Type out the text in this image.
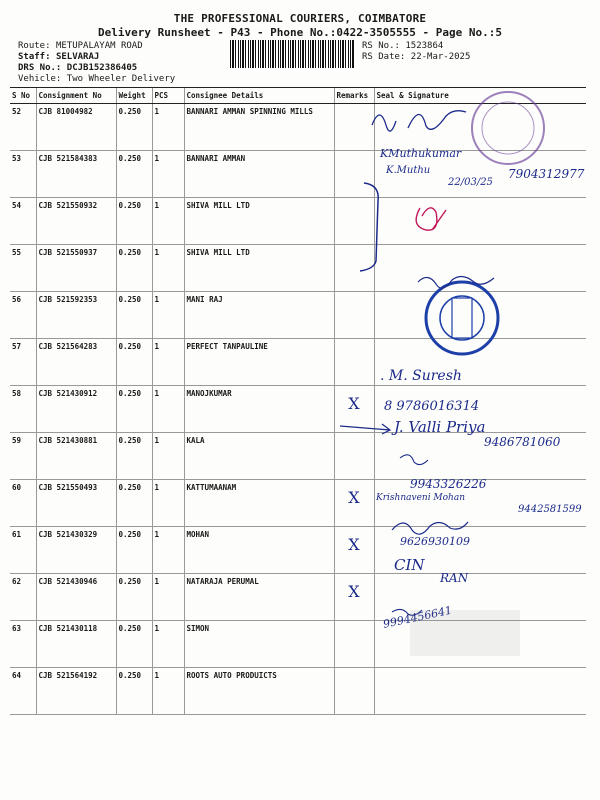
THE PROFESSIONAL COURIERS, COIMBATORE
Delivery Runsheet - P43 - Phone No.:0422-3505555 - Page No.:5
Route: METUPALAYAM ROAD
Staff: SELVARAJ
DRS No.: DCJB152386405
Vehicle: Two Wheeler Delivery
RS No.: 1523864
RS Date: 22-Mar-2025
S No	Consignment No	Weight	PCS	Consignee Details	Remarks	Seal & Signature
52	CJB 81004982	0.250	1	BANNARI AMMAN SPINNING MILLS		
53	CJB 521584383	0.250	1	BANNARI AMMAN		
54	CJB 521550932	0.250	1	SHIVA MILL LTD		
55	CJB 521550937	0.250	1	SHIVA MILL LTD		
56	CJB 521592353	0.250	1	MANI RAJ		
57	CJB 521564283	0.250	1	PERFECT TANPAULINE		
58	CJB 521430912	0.250	1	MANOJKUMAR	X	
59	CJB 521430881	0.250	1	KALA		
60	CJB 521550493	0.250	1	KATTUMAANAM	X	
61	CJB 521430329	0.250	1	MOHAN	X	
62	CJB 521430946	0.250	1	NATARAJA PERUMAL	X	
63	CJB 521430118	0.250	1	SIMON		
64	CJB 521564192	0.250	1	ROOTS AUTO PRODUICTS		
KMuthukumar
K.Muthu
22/03/25
7904312977
. M. Suresh
8 9786016314
J. Valli Priya
9486781060
9943326226
Krishnaveni Mohan
9442581599
9626930109
CIN
RAN
9994456641
